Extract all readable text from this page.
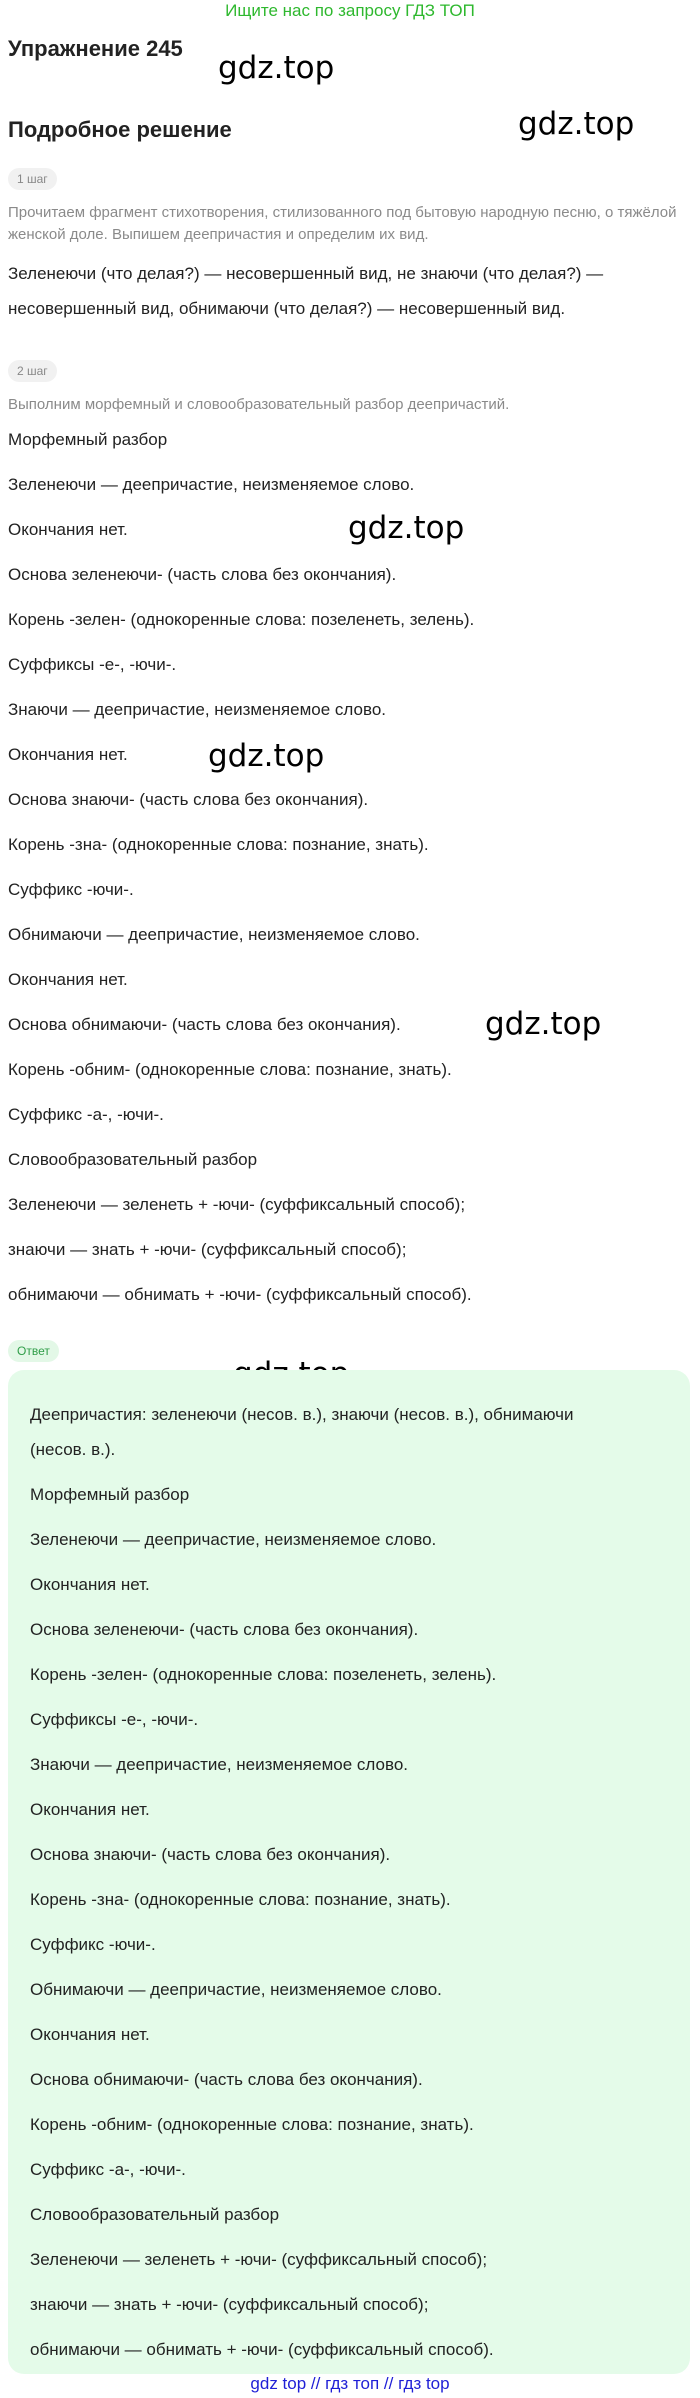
Ищите нас по запросу ГДЗ ТОП
Упражнение 245
Подробное решение
gdz.top
gdz.top
gdz.top
gdz.top
gdz.top
1 шаг
Прочитаем фрагмент стихотворения, стилизованного под бытовую народную песню, о тяжёлой женской доле. Выпишем деепричастия и определим их вид.
Зеленеючи (что делая?) — несовершенный вид, не знаючи (что делая?) —
несовершенный вид, обнимаючи (что делая?) — несовершенный вид.
2 шаг
Выполним морфемный и словообразовательный разбор деепричастий.
Морфемный разбор
Зеленеючи — деепричастие, неизменяемое слово.
Окончания нет.
Основа зеленеючи- (часть слова без окончания).
Корень -зелен- (однокоренные слова: позеленеть, зелень).
Суффиксы -е-, -ючи-.
Знаючи — деепричастие, неизменяемое слово.
Окончания нет.
Основа знаючи- (часть слова без окончания).
Корень -зна- (однокоренные слова: познание, знать).
Суффикс -ючи-.
Обнимаючи — деепричастие, неизменяемое слово.
Окончания нет.
Основа обнимаючи- (часть слова без окончания).
Корень -обним- (однокоренные слова: познание, знать).
Суффикс -а-, -ючи-.
Словообразовательный разбор
Зеленеючи — зеленеть + -ючи- (суффиксальный способ);
знаючи — знать + -ючи- (суффиксальный способ);
обнимаючи — обнимать + -ючи- (суффиксальный способ).
Ответ
Деепричастия: зеленеючи (несов. в.), знаючи (несов. в.), обнимаючи
(несов. в.).
Морфемный разбор
Зеленеючи — деепричастие, неизменяемое слово.
Окончания нет.
Основа зеленеючи- (часть слова без окончания).
Корень -зелен- (однокоренные слова: позеленеть, зелень).
Суффиксы -е-, -ючи-.
Знаючи — деепричастие, неизменяемое слово.
Окончания нет.
Основа знаючи- (часть слова без окончания).
Корень -зна- (однокоренные слова: познание, знать).
Суффикс -ючи-.
Обнимаючи — деепричастие, неизменяемое слово.
Окончания нет.
Основа обнимаючи- (часть слова без окончания).
Корень -обним- (однокоренные слова: познание, знать).
Суффикс -а-, -ючи-.
Словообразовательный разбор
Зеленеючи — зеленеть + -ючи- (суффиксальный способ);
знаючи — знать + -ючи- (суффиксальный способ);
обнимаючи — обнимать + -ючи- (суффиксальный способ).
gdz top // гдз топ // гдз top
